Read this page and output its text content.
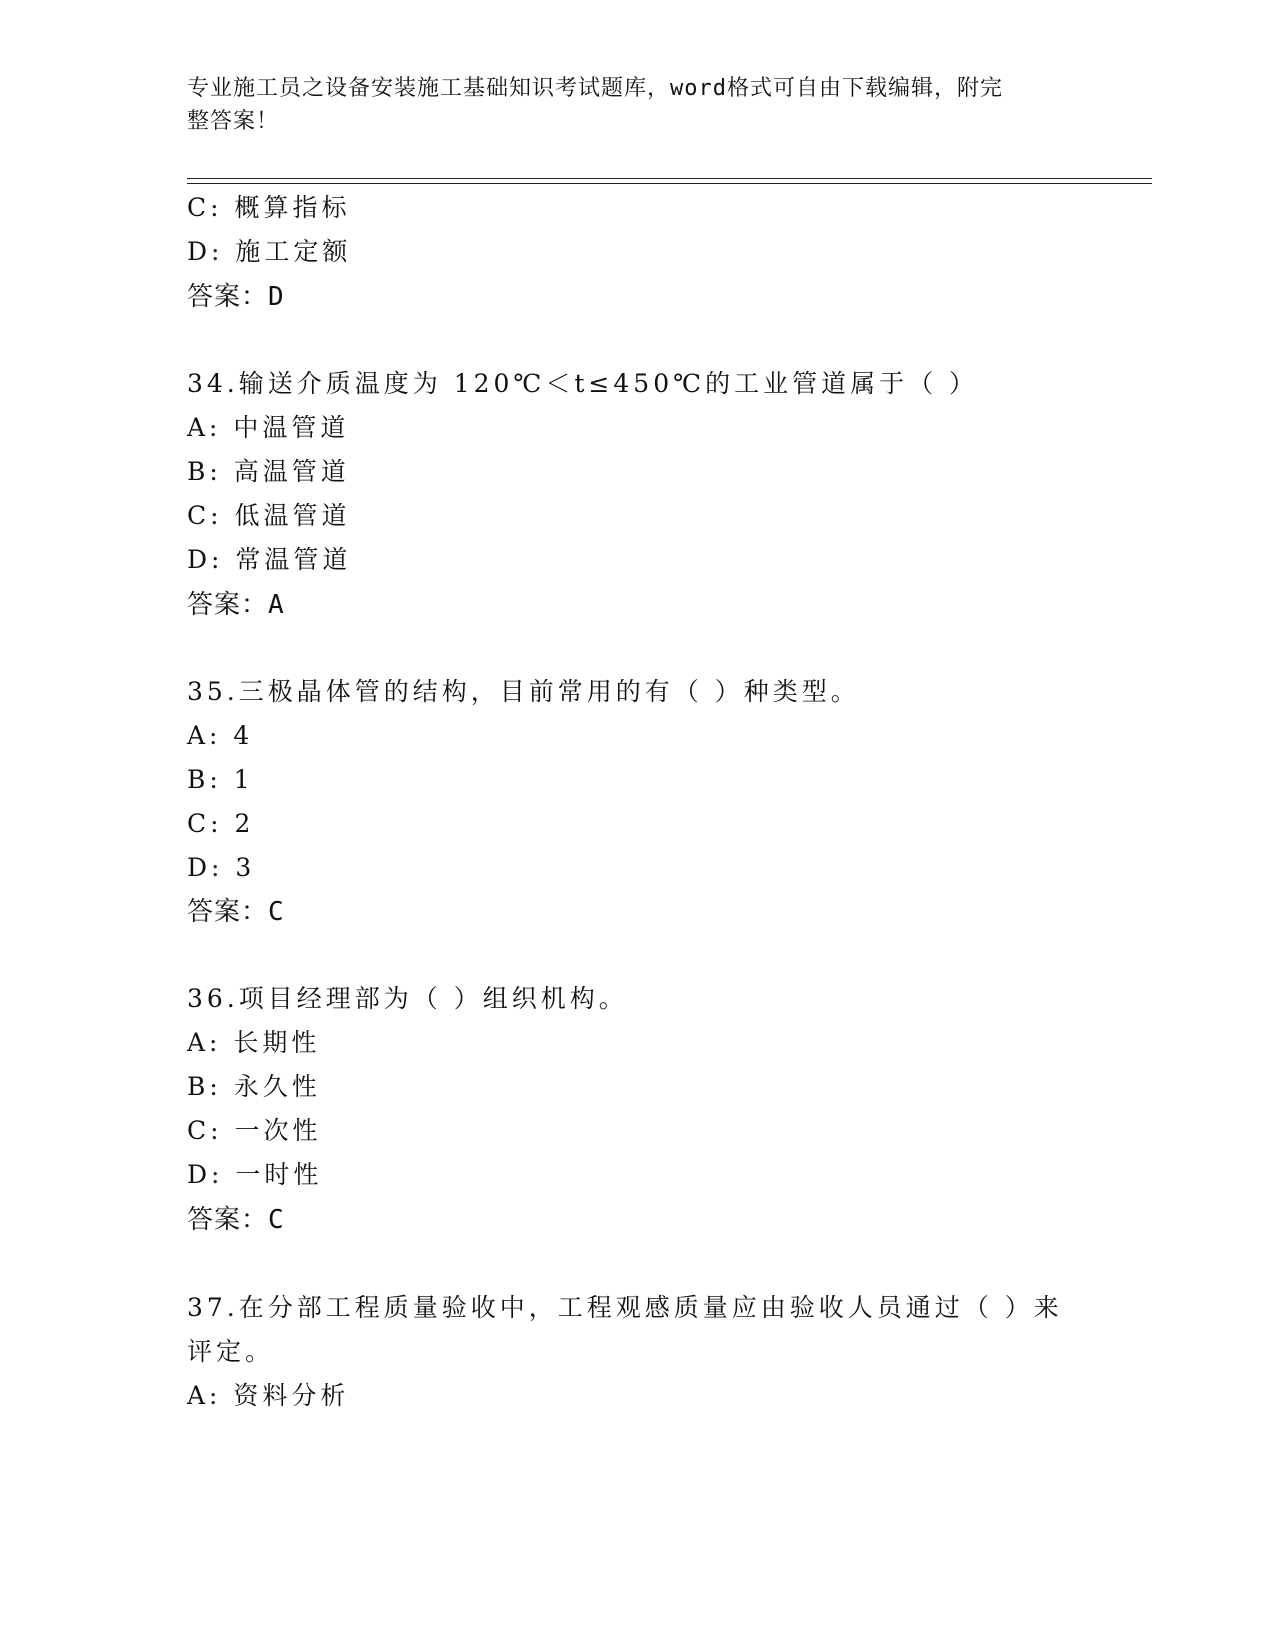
专业施工员之设备安装施工基础知识考试题库，word格式可自由下载编辑，附完
整答案！
C: 概算指标
D: 施工定额
答案：D
34.输送介质温度为 120℃＜t≤450℃的工业管道属于（ ）
A: 中温管道
B: 高温管道
C: 低温管道
D: 常温管道
答案：A
35.三极晶体管的结构，目前常用的有（ ）种类型。
A: 4
B: 1
C: 2
D: 3
答案：C
36.项目经理部为（ ）组织机构。
A: 长期性
B: 永久性
C: 一次性
D: 一时性
答案：C
37.在分部工程质量验收中，工程观感质量应由验收人员通过（ ）来
评定。
A: 资料分析
